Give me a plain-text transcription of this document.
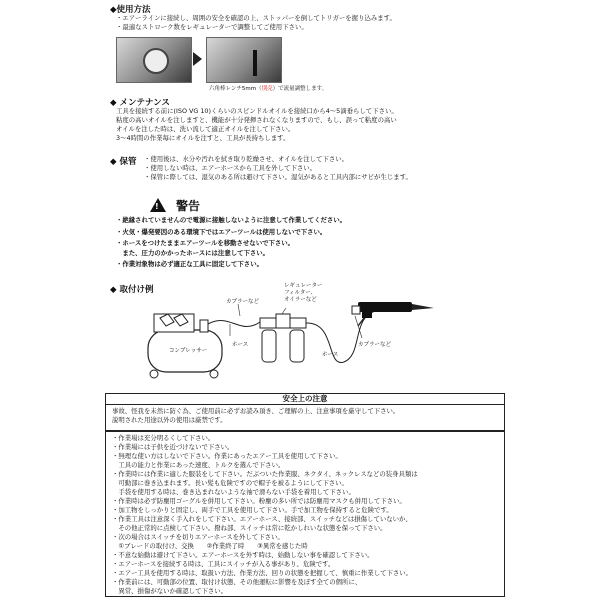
◆使用方法
・エアーラインに接続し、周囲の安全を確認の上、ストッパーを倒してトリガーを握り込みます。
・最適なストローク数をレギュレーターで調整してご使用下さい。
六角棒レンチ5mm（別売）で流量調整します。
◆ メンテナンス
工具を接続する前に(ISO VG 10)くらいのスピンドルオイルを接続口から4～5滴垂らして下さい。
粘度の高いオイルを注しますと、機能が十分発揮されなくなりますので、もし、誤って粘度の高い
オイルを注した時は、洗い流して適正オイルを注して下さい。
3～4時間の作業毎にオイルを注すと、工具が長持ちします。
◆ 保管 ・使用後は、水分や汚れを拭き取り乾燥させ、オイルを注して下さい。
・使用しない時は、エアーホースから工具を外して下さい。
・保管に際しては、湿気のある所は避けて下さい。湿気があると工具内部にサビが生じます。
! 警告
・絶縁されていませんので電源に接触しないように注意して作業してください。
・火気・爆発要因のある環境下ではエアーツールは使用しないで下さい。
・ホースをつけたままエアーツールを移動させないで下さい。
　また、圧力のかかったホースには注意して下さい。
・作業対象物は必ず適正な工具に固定して下さい。
◆ 取付け例
カプラーなど
レギュレーター
フィルター、
オイラーなど
コンプレッサー
ホース
ホース
カプラーなど
安全上の注意
事故、怪我を未然に防ぐ為、ご使用前に必ずお読み頂き、ご理解の上、注意事項を厳守して下さい。
説明された用途以外の使用は厳禁です。
・作業場は充分明るくして下さい。
・作業場には子供を近づけないで下さい。
・無理な使い方はしないで下さい。作業にあったエアー工具を使用して下さい。
　工具の能力と作業にあった速度、トルクを選んで下さい。
・作業時には作業に適した服装をして下さい。だぶついた作業服、ネクタイ、ネックレスなどの装身具類は
　可動部に巻き込まれます。長い髪も危険ですので帽子を被るようにして下さい。
　手袋を使用する時は、巻き込まれないような袖で滑らない手袋を着用して下さい。
・作業時は必ず防塵用ゴーグルを併用して下さい。粉塵の多い所では防塵用マスクも併用して下さい。
・加工物をしっかりと固定し、両手で工具を使用して下さい。手で加工物を保持すると危険です。
・作業工具は注意深く手入れをして下さい。エアーホース、接続部、スイッチなどは損傷していないか、
　その他正常的に点検して下さい。撥ね部、スイッチは常に乾かしれいな状態を保って下さい。
・次の場合はスイッチを切りエアーホースを外して下さい。
　①ブレードの取付け、交換　　②作業終了時　　③異常を感じた時
・不意な始動は避けて下さい。エアーホースを外す時は、始動しない事を確認して下さい。
・エアーホースを接続する時は、工具にスイッチが入る事があり、危険です。
・エアー工具を使用する時は、取扱い方法、作業方法、回りの状態を把握して、慎重に作業して下さい。
・作業前には、可動部の位置、取付け状態、その他運転に影響を及ぼす全ての個所に、
　異常、損傷がないか確認して下さい。
